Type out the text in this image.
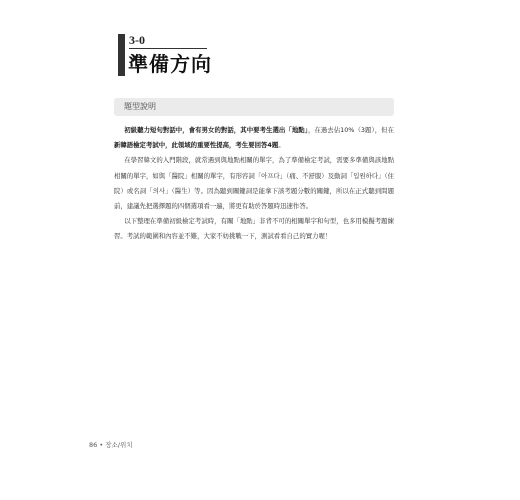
3-0
準備方向
題型說明

初級聽力短句對話中，會有男女的對話，其中要考生選出「地點」，在過去佔10%（3題），但在新韓語檢定考試中，此領域的重要性提高，考生要回答4題。

在學習韓文的入門階段，就常遇到與地點相關的單字，為了準備檢定考試，需要多準備與該地點相關的單字，如與「醫院」相關的單字，有形容詞「아프다」（痛、不舒服）及動詞「입원하다」（住院）或名詞「의사」（醫生）等。因為聽到關鍵詞是能拿下該考題分數的關鍵，所以在正式聽到問題前，建議先把選擇題的四個選項看一遍，將更有助於答題時迅速作答。

以下整理在準備初級檢定考試時，有關「地點」非背不可的相關單字和句型，也多用模擬考題練習。考試的範圍和內容並不難，大家不妨挑戰一下，測試看看自己的實力喔！

86 • 장소/위치
